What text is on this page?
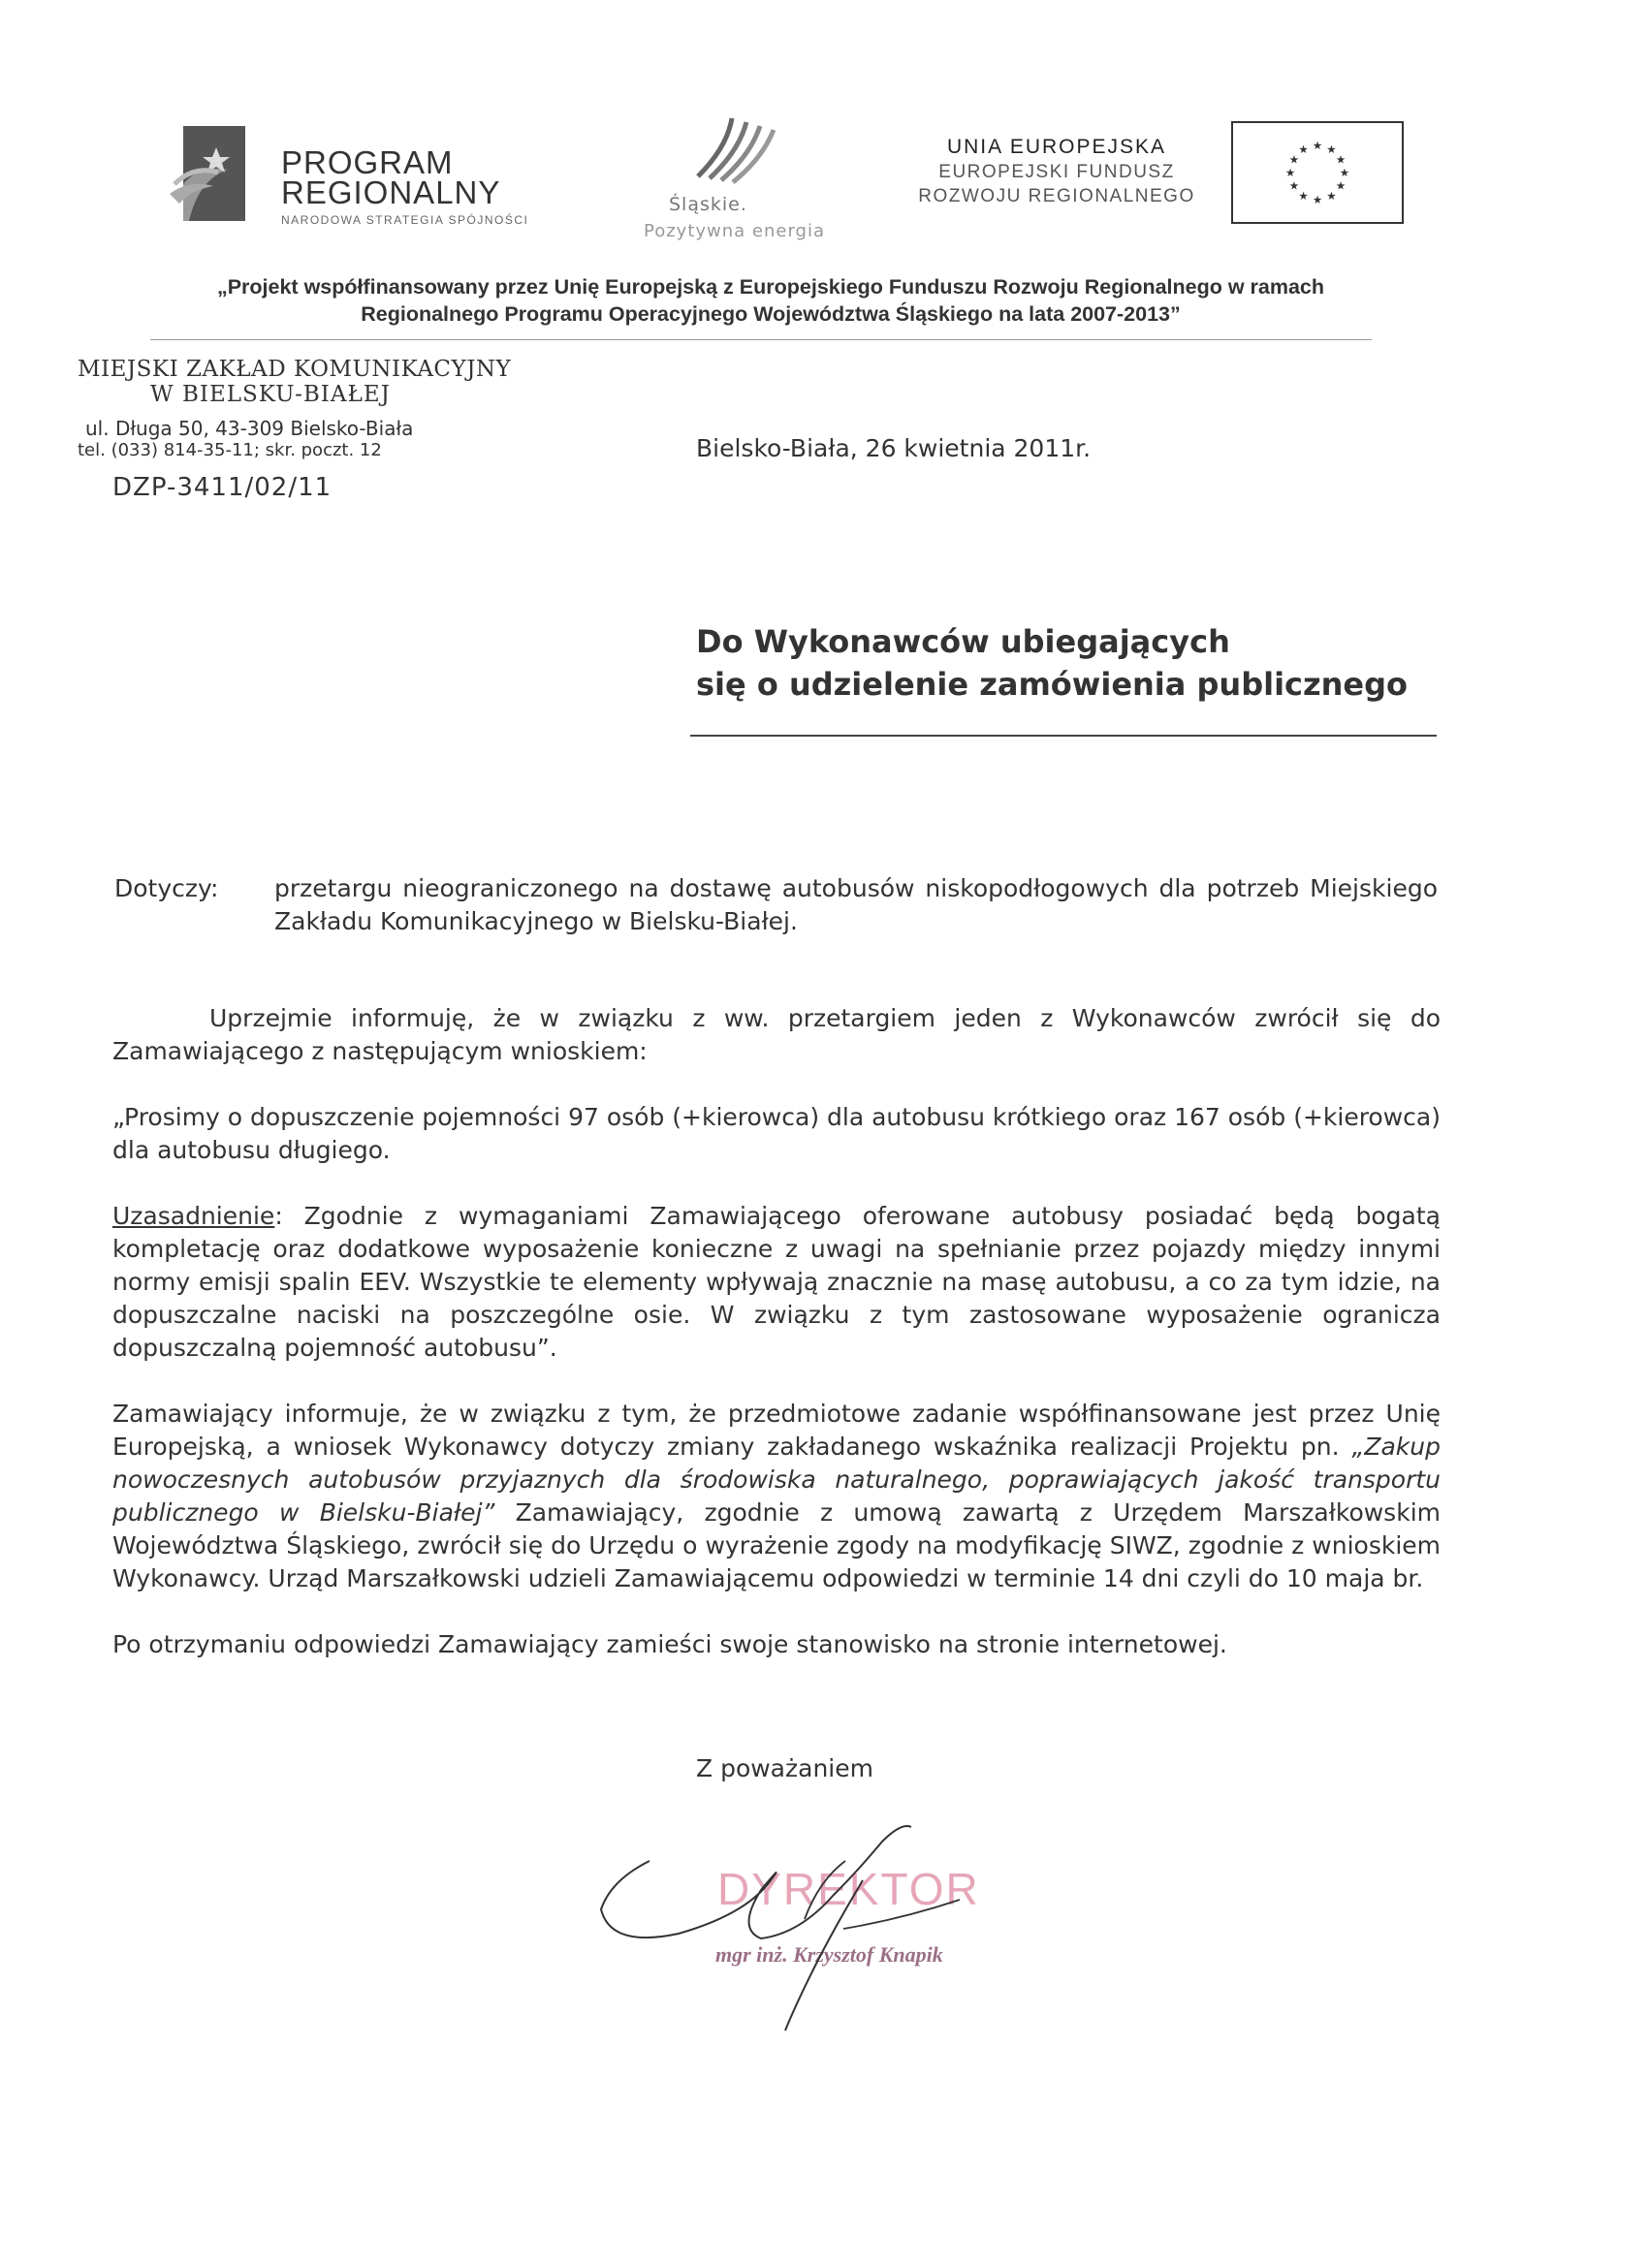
PROGRAM
REGIONALNY
NARODOWA STRATEGIA SPÓJNOŚCI
Śląskie.
Pozytywna energia
UNIA EUROPEJSKA
EUROPEJSKI FUNDUSZ
ROZWOJU REGIONALNEGO
★ ★
★
★
★
★
★
★
★
★
★
★
„Projekt współfinansowany przez Unię Europejską z Europejskiego Funduszu Rozwoju Regionalnego w ramach
Regionalnego Programu Operacyjnego Województwa Śląskiego na lata 2007-2013”
MIEJSKI ZAKŁAD KOMUNIKACYJNY
W BIELSKU-BIAŁEJ
ul. Długa 50, 43-309 Bielsko-Biała
tel. (033) 814-35-11; skr. poczt. 12
DZP-3411/02/11
Bielsko-Biała, 26 kwietnia 2011r.
Do Wykonawców ubiegających
się o udzielenie zamówienia publicznego
Dotyczy: przetargu nieograniczonego na dostawę autobusów niskopodłogowych dla potrzeb Miejskiego Zakładu Komunikacyjnego w Bielsku-Białej.
Uprzejmie informuję, że w związku z ww. przetargiem jeden z Wykonawców zwrócił się do Zamawiającego z następującym wnioskiem:
„Prosimy o dopuszczenie pojemności 97 osób (+kierowca) dla autobusu krótkiego oraz 167 osób (+kierowca) dla autobusu długiego.
Uzasadnienie: Zgodnie z wymaganiami Zamawiającego oferowane autobusy posiadać będą bogatą kompletację oraz dodatkowe wyposażenie konieczne z uwagi na spełnianie przez pojazdy między innymi normy emisji spalin EEV. Wszystkie te elementy wpływają znacznie na masę autobusu, a co za tym idzie, na dopuszczalne naciski na poszczególne osie. W związku z tym zastosowane wyposażenie ogranicza dopuszczalną pojemność autobusu”.
Zamawiający informuje, że w związku z tym, że przedmiotowe zadanie współfinansowane jest przez Unię Europejską, a wniosek Wykonawcy dotyczy zmiany zakładanego wskaźnika realizacji Projektu pn. „Zakup nowoczesnych autobusów przyjaznych dla środowiska naturalnego, poprawiających jakość transportu publicznego w Bielsku-Białej” Zamawiający, zgodnie z umową zawartą z Urzędem Marszałkowskim Województwa Śląskiego, zwrócił się do Urzędu o wyrażenie zgody na modyfikację SIWZ, zgodnie z wnioskiem Wykonawcy. Urząd Marszałkowski udzieli Zamawiającemu odpowiedzi w terminie 14 dni czyli do 10 maja br.
Po otrzymaniu odpowiedzi Zamawiający zamieści swoje stanowisko na stronie internetowej.
Z poważaniem
DYREKTOR
mgr inż. Krzysztof Knapik
